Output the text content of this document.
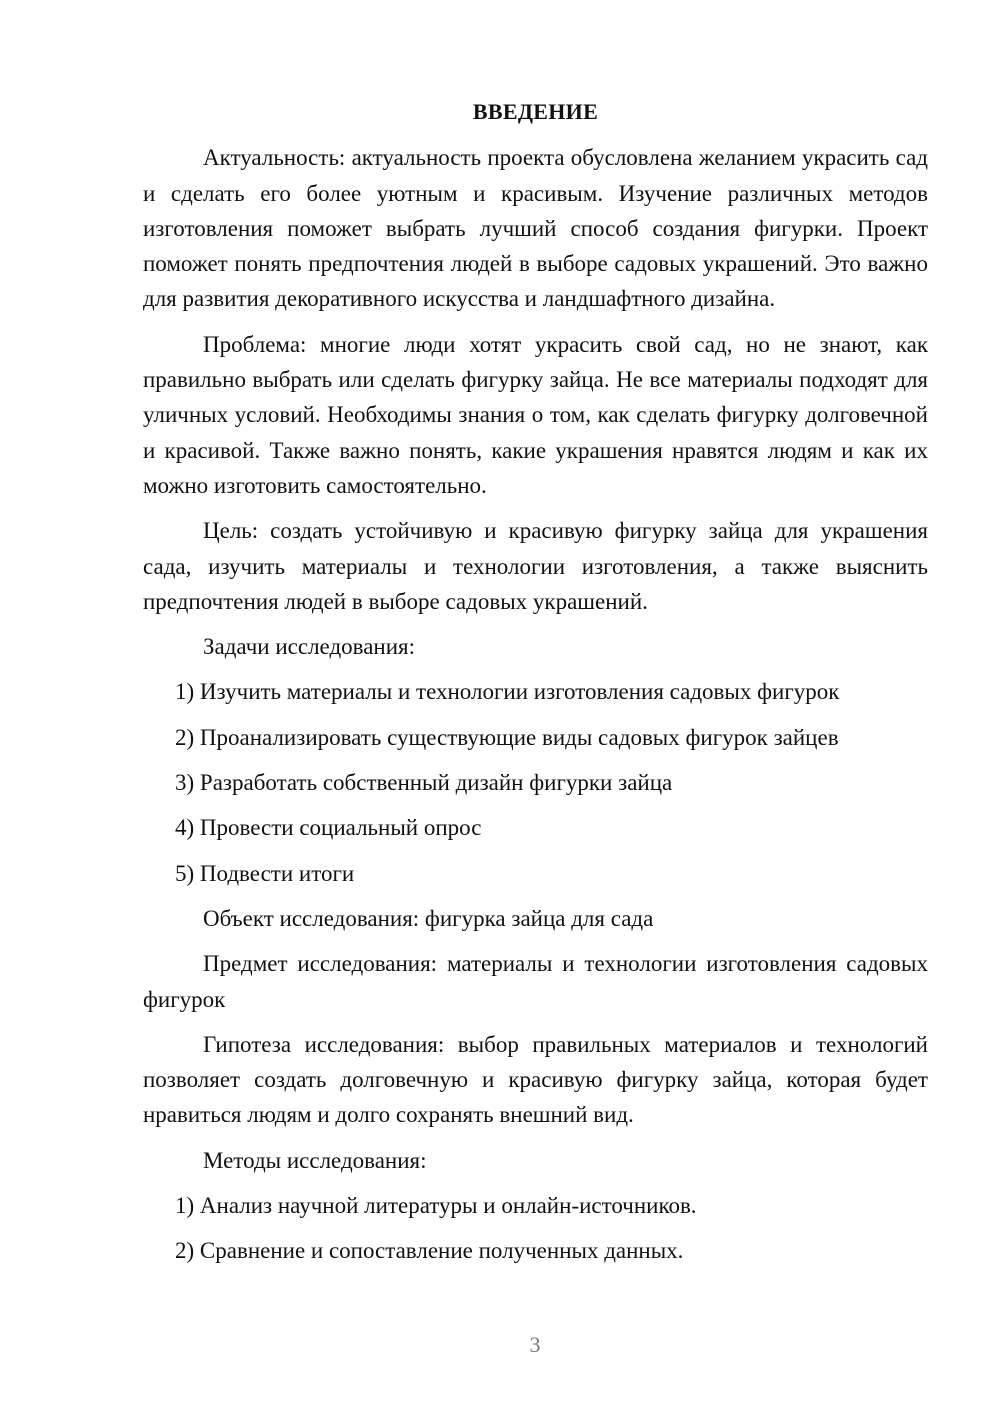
ВВЕДЕНИЕ

Актуальность: актуальность проекта обусловлена желанием украсить сад и сделать его более уютным и красивым. Изучение различных методов изготовления поможет выбрать лучший способ создания фигурки. Проект поможет понять предпочтения людей в выборе садовых украшений. Это важно для развития декоративного искусства и ландшафтного дизайна.

Проблема: многие люди хотят украсить свой сад, но не знают, как правильно выбрать или сделать фигурку зайца. Не все материалы подходят для уличных условий. Необходимы знания о том, как сделать фигурку долговечной и красивой. Также важно понять, какие украшения нравятся людям и как их можно изготовить самостоятельно.

Цель: создать устойчивую и красивую фигурку зайца для украшения сада, изучить материалы и технологии изготовления, а также выяснить предпочтения людей в выборе садовых украшений.

Задачи исследования:

1) Изучить материалы и технологии изготовления садовых фигурок
2) Проанализировать существующие виды садовых фигурок зайцев
3) Разработать собственный дизайн фигурки зайца
4) Провести социальный опрос
5) Подвести итоги

Объект исследования: фигурка зайца для сада

Предмет исследования: материалы и технологии изготовления садовых фигурок

Гипотеза исследования: выбор правильных материалов и технологий позволяет создать долговечную и красивую фигурку зайца, которая будет нравиться людям и долго сохранять внешний вид.

Методы исследования:

1) Анализ научной литературы и онлайн-источников.
2) Сравнение и сопоставление полученных данных.
3
